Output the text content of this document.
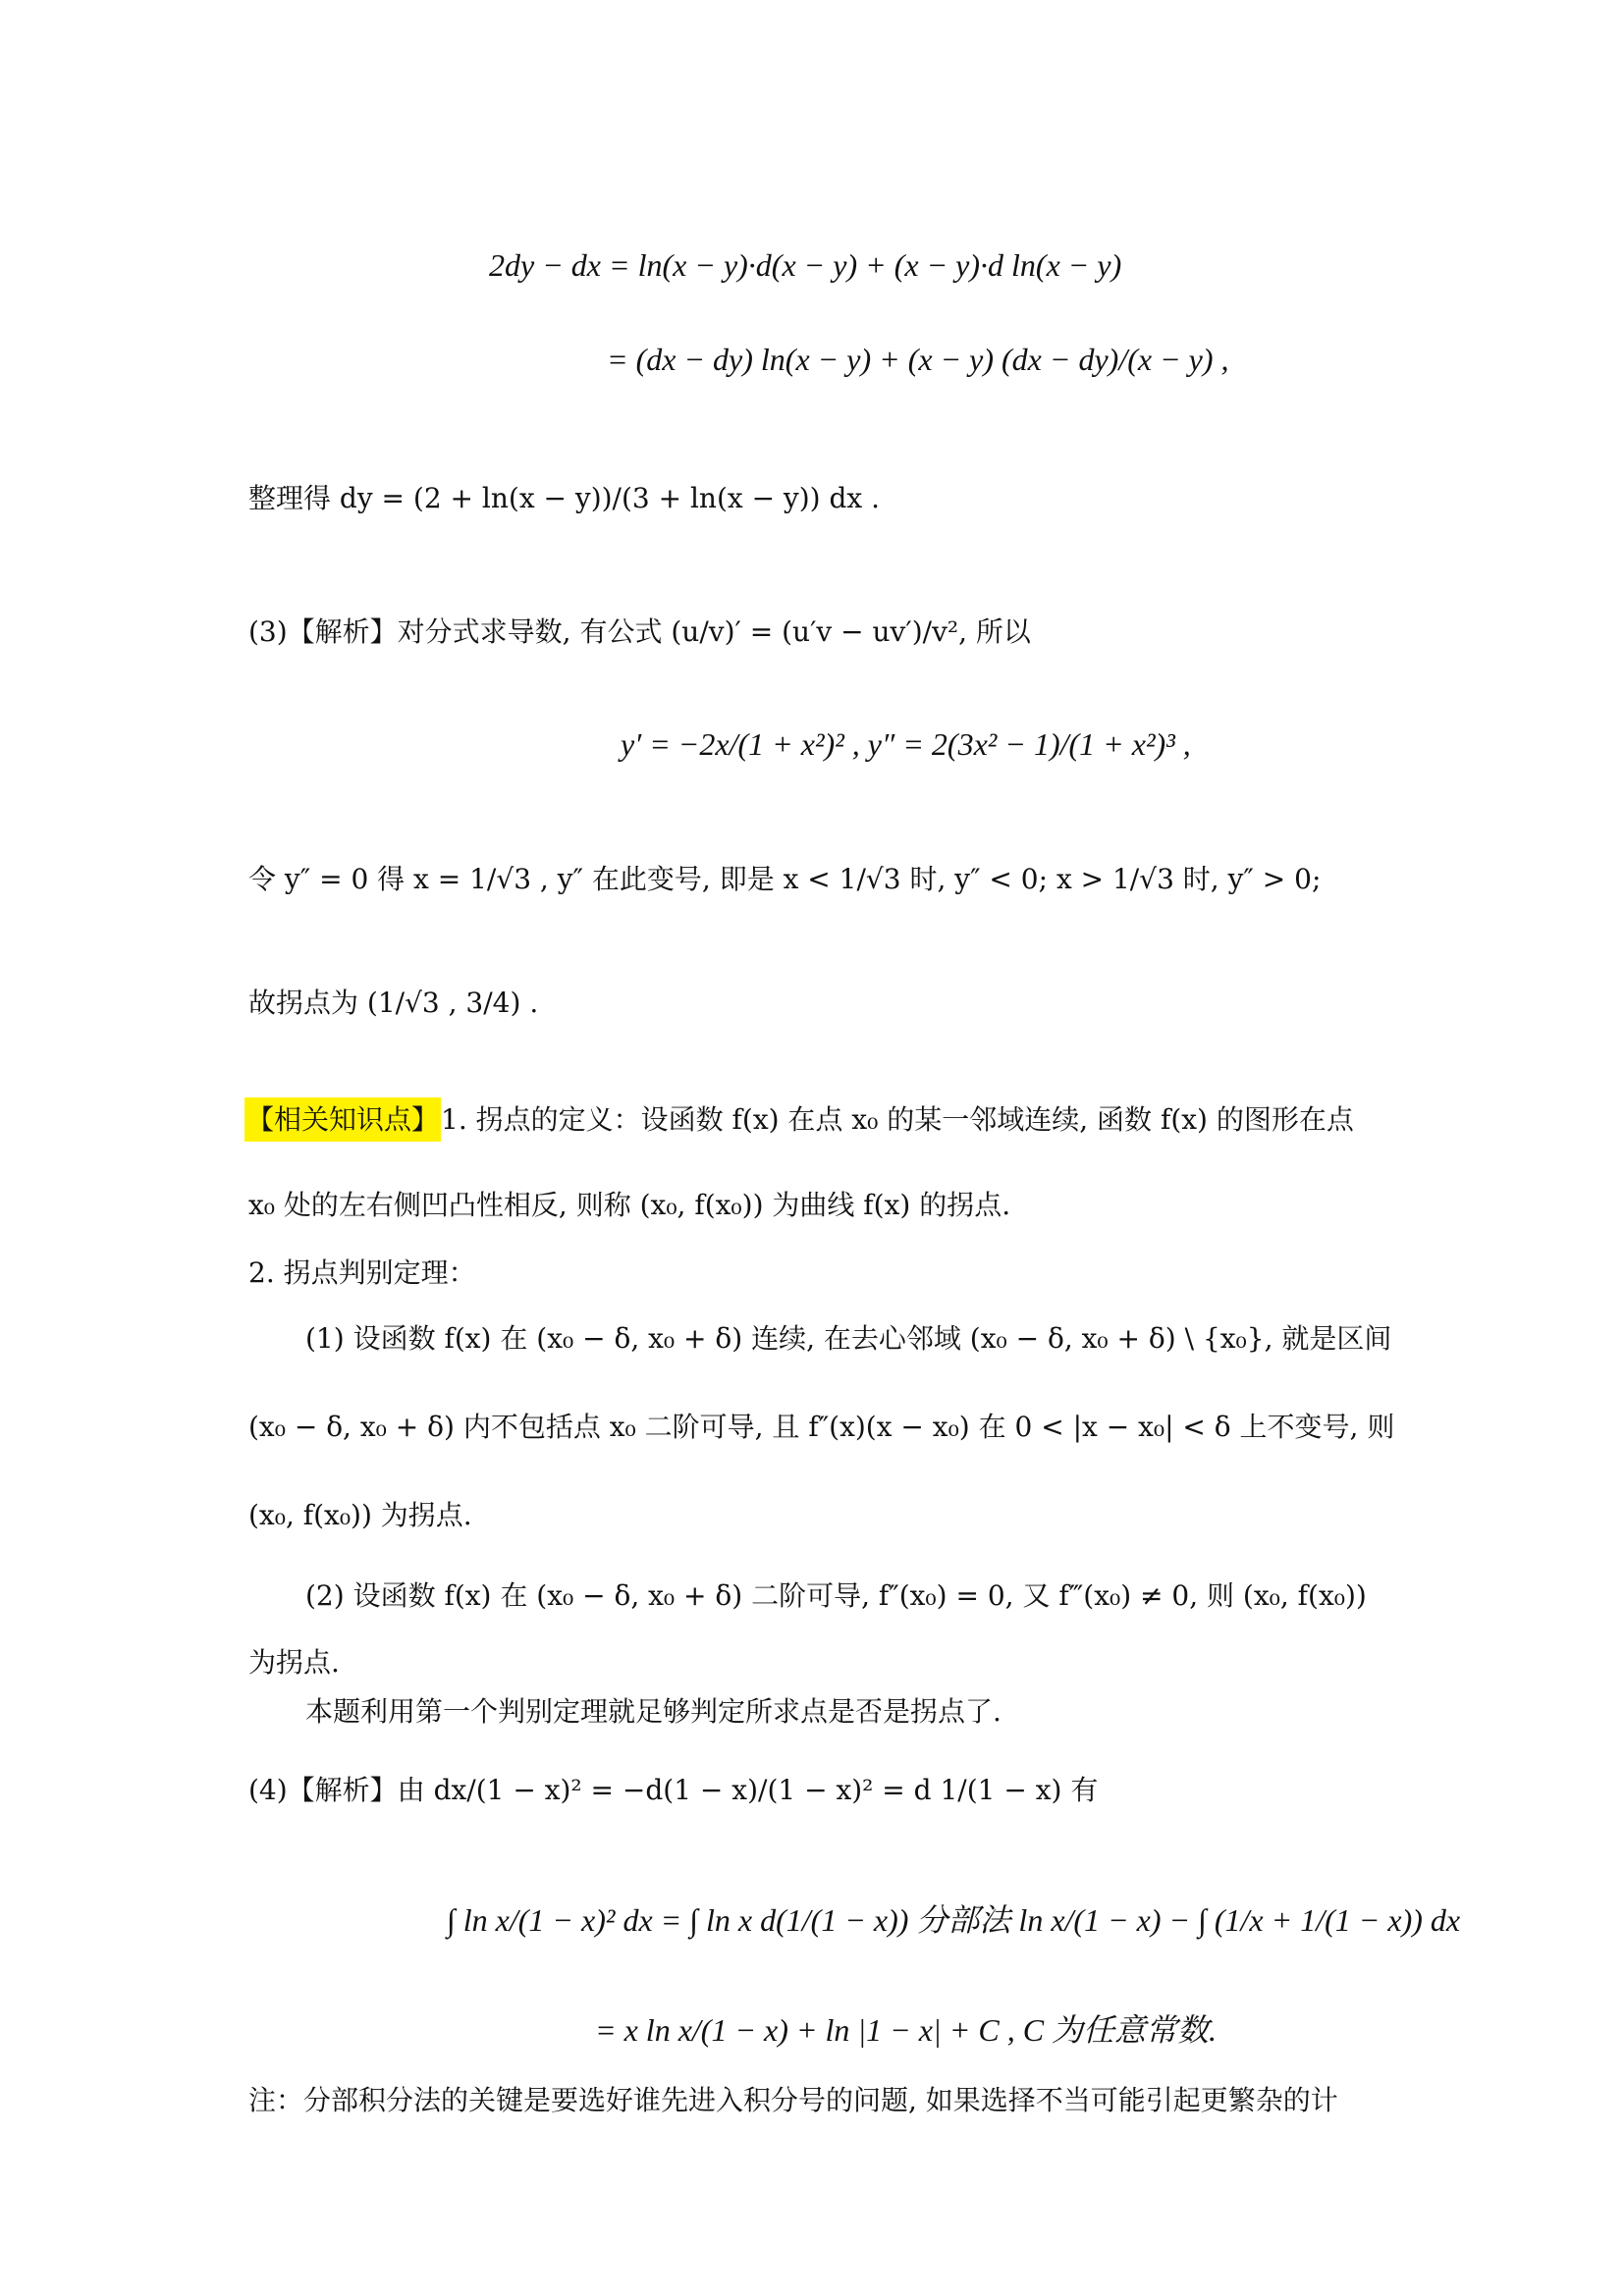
2dy − dx = ln(x − y)·d(x − y) + (x − y)·d ln(x − y)
= (dx − dy) ln(x − y) + (x − y) (dx − dy)/(x − y) ,
整理得 dy = (2 + ln(x − y))/(3 + ln(x − y)) dx .
(3)【解析】对分式求导数, 有公式 (u/v)′ = (u′v − uv′)/v², 所以
y′ = −2x/(1 + x²)² , y″ = 2(3x² − 1)/(1 + x²)³ ,
令 y″ = 0 得 x = 1/√3 , y″ 在此变号, 即是 x < 1/√3 时, y″ < 0; x > 1/√3 时, y″ > 0;
故拐点为 (1/√3 , 3/4) .
【相关知识点】1. 拐点的定义：设函数 f(x) 在点 x₀ 的某一邻域连续, 函数 f(x) 的图形在点
x₀ 处的左右侧凹凸性相反, 则称 (x₀, f(x₀)) 为曲线 f(x) 的拐点.
2. 拐点判别定理：
(1) 设函数 f(x) 在 (x₀ − δ, x₀ + δ) 连续, 在去心邻域 (x₀ − δ, x₀ + δ) \ {x₀}, 就是区间
(x₀ − δ, x₀ + δ) 内不包括点 x₀ 二阶可导, 且 f″(x)(x − x₀) 在 0 < |x − x₀| < δ 上不变号, 则
(x₀, f(x₀)) 为拐点.
(2) 设函数 f(x) 在 (x₀ − δ, x₀ + δ) 二阶可导, f″(x₀) = 0, 又 f‴(x₀) ≠ 0, 则 (x₀, f(x₀))
为拐点.
本题利用第一个判别定理就足够判定所求点是否是拐点了.
(4)【解析】由 dx/(1 − x)² = −d(1 − x)/(1 − x)² = d 1/(1 − x) 有
∫ ln x/(1 − x)² dx = ∫ ln x d(1/(1 − x)) 分部法 ln x/(1 − x) − ∫ (1/x + 1/(1 − x)) dx
= x ln x/(1 − x) + ln |1 − x| + C , C 为任意常数.
注：分部积分法的关键是要选好谁先进入积分号的问题, 如果选择不当可能引起更繁杂的计
